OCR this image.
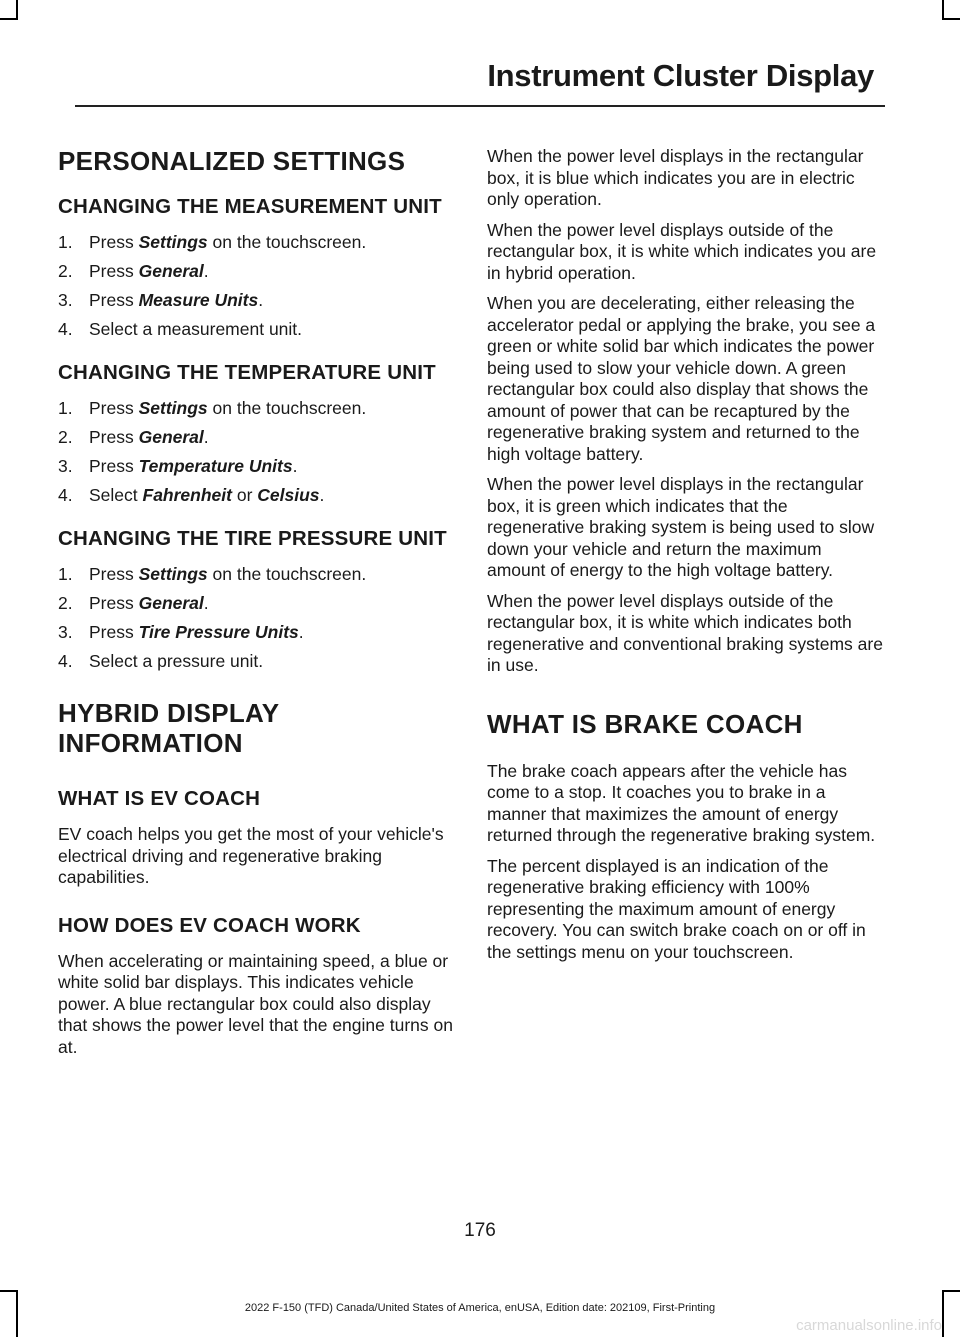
Instrument Cluster Display
PERSONALIZED SETTINGS
CHANGING THE MEASUREMENT UNIT
1. Press Settings on the touchscreen.
2. Press General.
3. Press Measure Units.
4. Select a measurement unit.
CHANGING THE TEMPERATURE UNIT
1. Press Settings on the touchscreen.
2. Press General.
3. Press Temperature Units.
4. Select Fahrenheit or Celsius.
CHANGING THE TIRE PRESSURE UNIT
1. Press Settings on the touchscreen.
2. Press General.
3. Press Tire Pressure Units.
4. Select a pressure unit.
HYBRID DISPLAY
INFORMATION
WHAT IS EV COACH

EV coach helps you get the most of your vehicle's electrical driving and regenerative braking capabilities.

HOW DOES EV COACH WORK

When accelerating or maintaining speed, a blue or white solid bar displays. This indicates vehicle power. A blue rectangular box could also display that shows the power level that the engine turns on at.

When the power level displays in the rectangular box, it is blue which indicates you are in electric only operation.

When the power level displays outside of the rectangular box, it is white which indicates you are in hybrid operation.

When you are decelerating, either releasing the accelerator pedal or applying the brake, you see a green or white solid bar which indicates the power being used to slow your vehicle down. A green rectangular box could also display that shows the amount of power that can be recaptured by the regenerative braking system and returned to the high voltage battery.

When the power level displays in the rectangular box, it is green which indicates that the regenerative braking system is being used to slow down your vehicle and return the maximum amount of energy to the high voltage battery.

When the power level displays outside of the rectangular box, it is white which indicates both regenerative and conventional braking systems are in use.

WHAT IS BRAKE COACH

The brake coach appears after the vehicle has come to a stop. It coaches you to brake in a manner that maximizes the amount of energy returned through the regenerative braking system.

The percent displayed is an indication of the regenerative braking efficiency with 100% representing the maximum amount of energy recovery. You can switch brake coach on or off in the settings menu on your touchscreen.

176
2022 F-150 (TFD) Canada/United States of America, enUSA, Edition date: 202109, First-Printing
carmanualsonline.info
